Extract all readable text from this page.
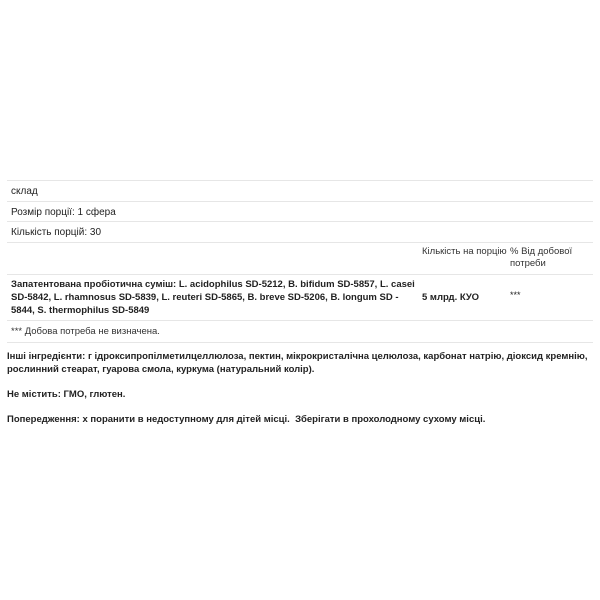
склад
Розмір порції: 1 сфера
Кількість порцій: 30
Кількість на порцію % Від добової потреби
Запатентована пробіотична суміш: L. acidophilus SD-5212, B. bifidum SD-5857, L. casei SD-5842, L. rhamnosus SD-5839, L. reuteri SD-5865, B. breve SD-5206, B. longum SD - 5844, S. thermophilus SD-5849
5 млрд. КУО	***
*** Добова потреба не визначена.

Інші інгредієнти: г ідроксипропілметилцеллюлоза, пектин, мікрокристалічна целюлоза, карбонат натрію, діоксид кремнію, рослинний стеарат, гуарова смола, куркума (натуральний колір).

Не містить: ГМО, глютен.

Попередження: х поранити в недоступному для дітей місці.  Зберігати в прохолодному сухому місці.
